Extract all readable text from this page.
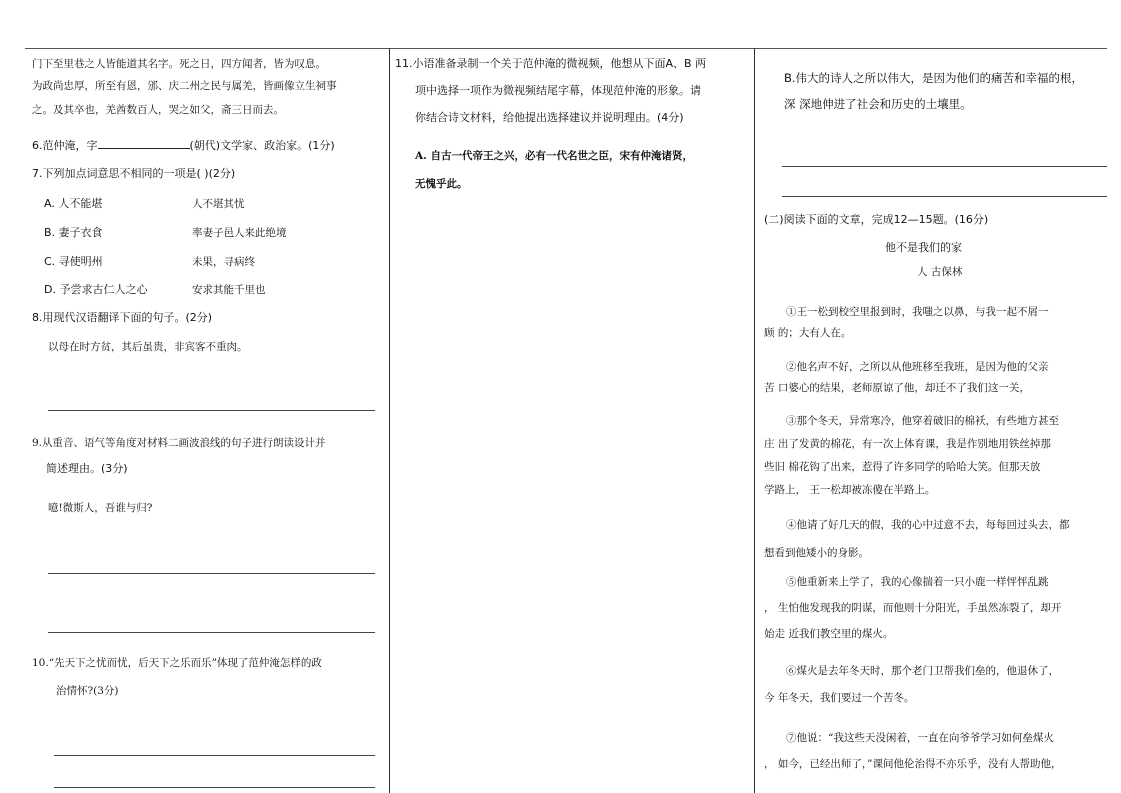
门下至里巷之人皆能道其名字。死之日，四方闻者，皆为叹息。
为政尚忠厚，所至有恩，邠、庆二州之民与属羌，皆画像立生祠事
之。及其卒也，羌酋数百人，哭之如父，斋三日而去。
6.范仲淹，字	(朝代)文学家、政治家。(1分)
7.下列加点词意思不相同的一项是( )(2分)
A. 人不能堪	人不堪其忧
B. 妻子衣食	率妻子邑人来此绝境
C. 寻使明州	未果，寻病终
D. 予尝求古仁人之心	安求其能千里也
8.用现代汉语翻译下面的句子。(2分)
以母在时方贫，其后虽贵，非宾客不重肉。
9.从重音、语气等角度对材料二画波浪线的句子进行朗读设计并
简述理由。(3分)
噫!微斯人，吾谁与归?
10.“先天下之忧而忧，后天下之乐而乐”体现了范仲淹怎样的政
治情怀?(3分)
11.小语准备录制一个关于范仲淹的微视频，他想从下面A、B 两
项中选择一项作为微视频结尾字幕，体现范仲淹的形象。请
你结合诗文材料，给他提出选择建议并说明理由。(4分)
A. 自古一代帝王之兴，必有一代名世之臣，宋有仲淹诸贤，
无愧乎此。
B.伟大的诗人之所以伟大，是因为他们的痛苦和幸福的根，
深 深地伸进了社会和历史的土壤里。
(二)阅读下面的文章，完成12—15题。(16分)
他不是我们的家
人 古保林
①王一松到校空里报到时，我嗤之以鼻，与我一起不屑一
顾 的；大有人在。
②他名声不好，之所以从他班移至我班，是因为他的父亲
苦 口婆心的结果，老师原谅了他，却迁不了我们这一关，
③那个冬天，异常寒冷，他穿着破旧的棉袄，有些地方甚至
庄 出了发黄的棉花，有一次上体育课，我是作别地用铁丝掉那
些旧 棉花钩了出来，惹得了许多同学的哈哈大笑。但那天放
学路上， 王一松却被冻傻在半路上。
④他请了好几天的假，我的心中过意不去，每每回过头去，都
想看到他矮小的身影。
⑤他重新来上学了，我的心像揣着一只小鹿一样怦怦乱跳
， 生怕他发现我的阴谋，而他则十分阳光，手虽然冻裂了，却开
始走 近我们教空里的煤火。
⑥煤火是去年冬天时，那个老门卫帮我们垒的，他退休了，
今 年冬天，我们要过一个苦冬。
⑦他说：“我这些天没闲着，一直在向爷爷学习如何垒煤火
， 如今，已经出师了，”课间他伦治得不亦乐乎，没有人帮助他，
